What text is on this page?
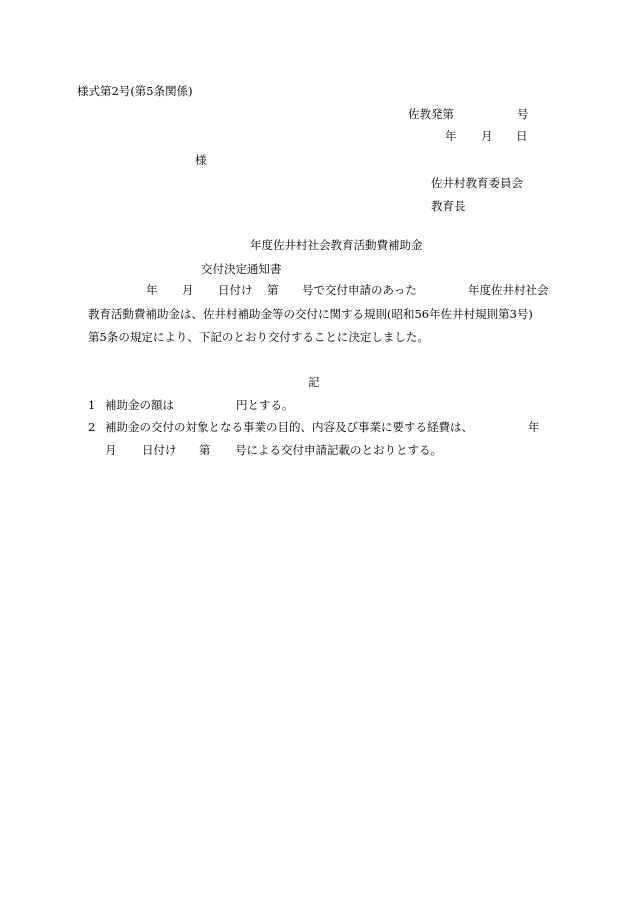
様式第2号(第5条関係)
佐教発第	号
年 月 日
様
佐井村教育委員会
教育長
年度佐井村社会教育活動費補助金
交付決定通知書
年 月 日付け 第 号で交付申請のあった	年度佐井村社会
教育活動費補助金は、佐井村補助金等の交付に関する規則(昭和56年佐井村規則第3号)
第5条の規定により、下記のとおり交付することに決定しました。
記
1 補助金の額は	円とする。
2 補助金の交付の対象となる事業の目的、内容及び事業に要する経費は、	年
月 日付け 第 号による交付申請記載のとおりとする。
